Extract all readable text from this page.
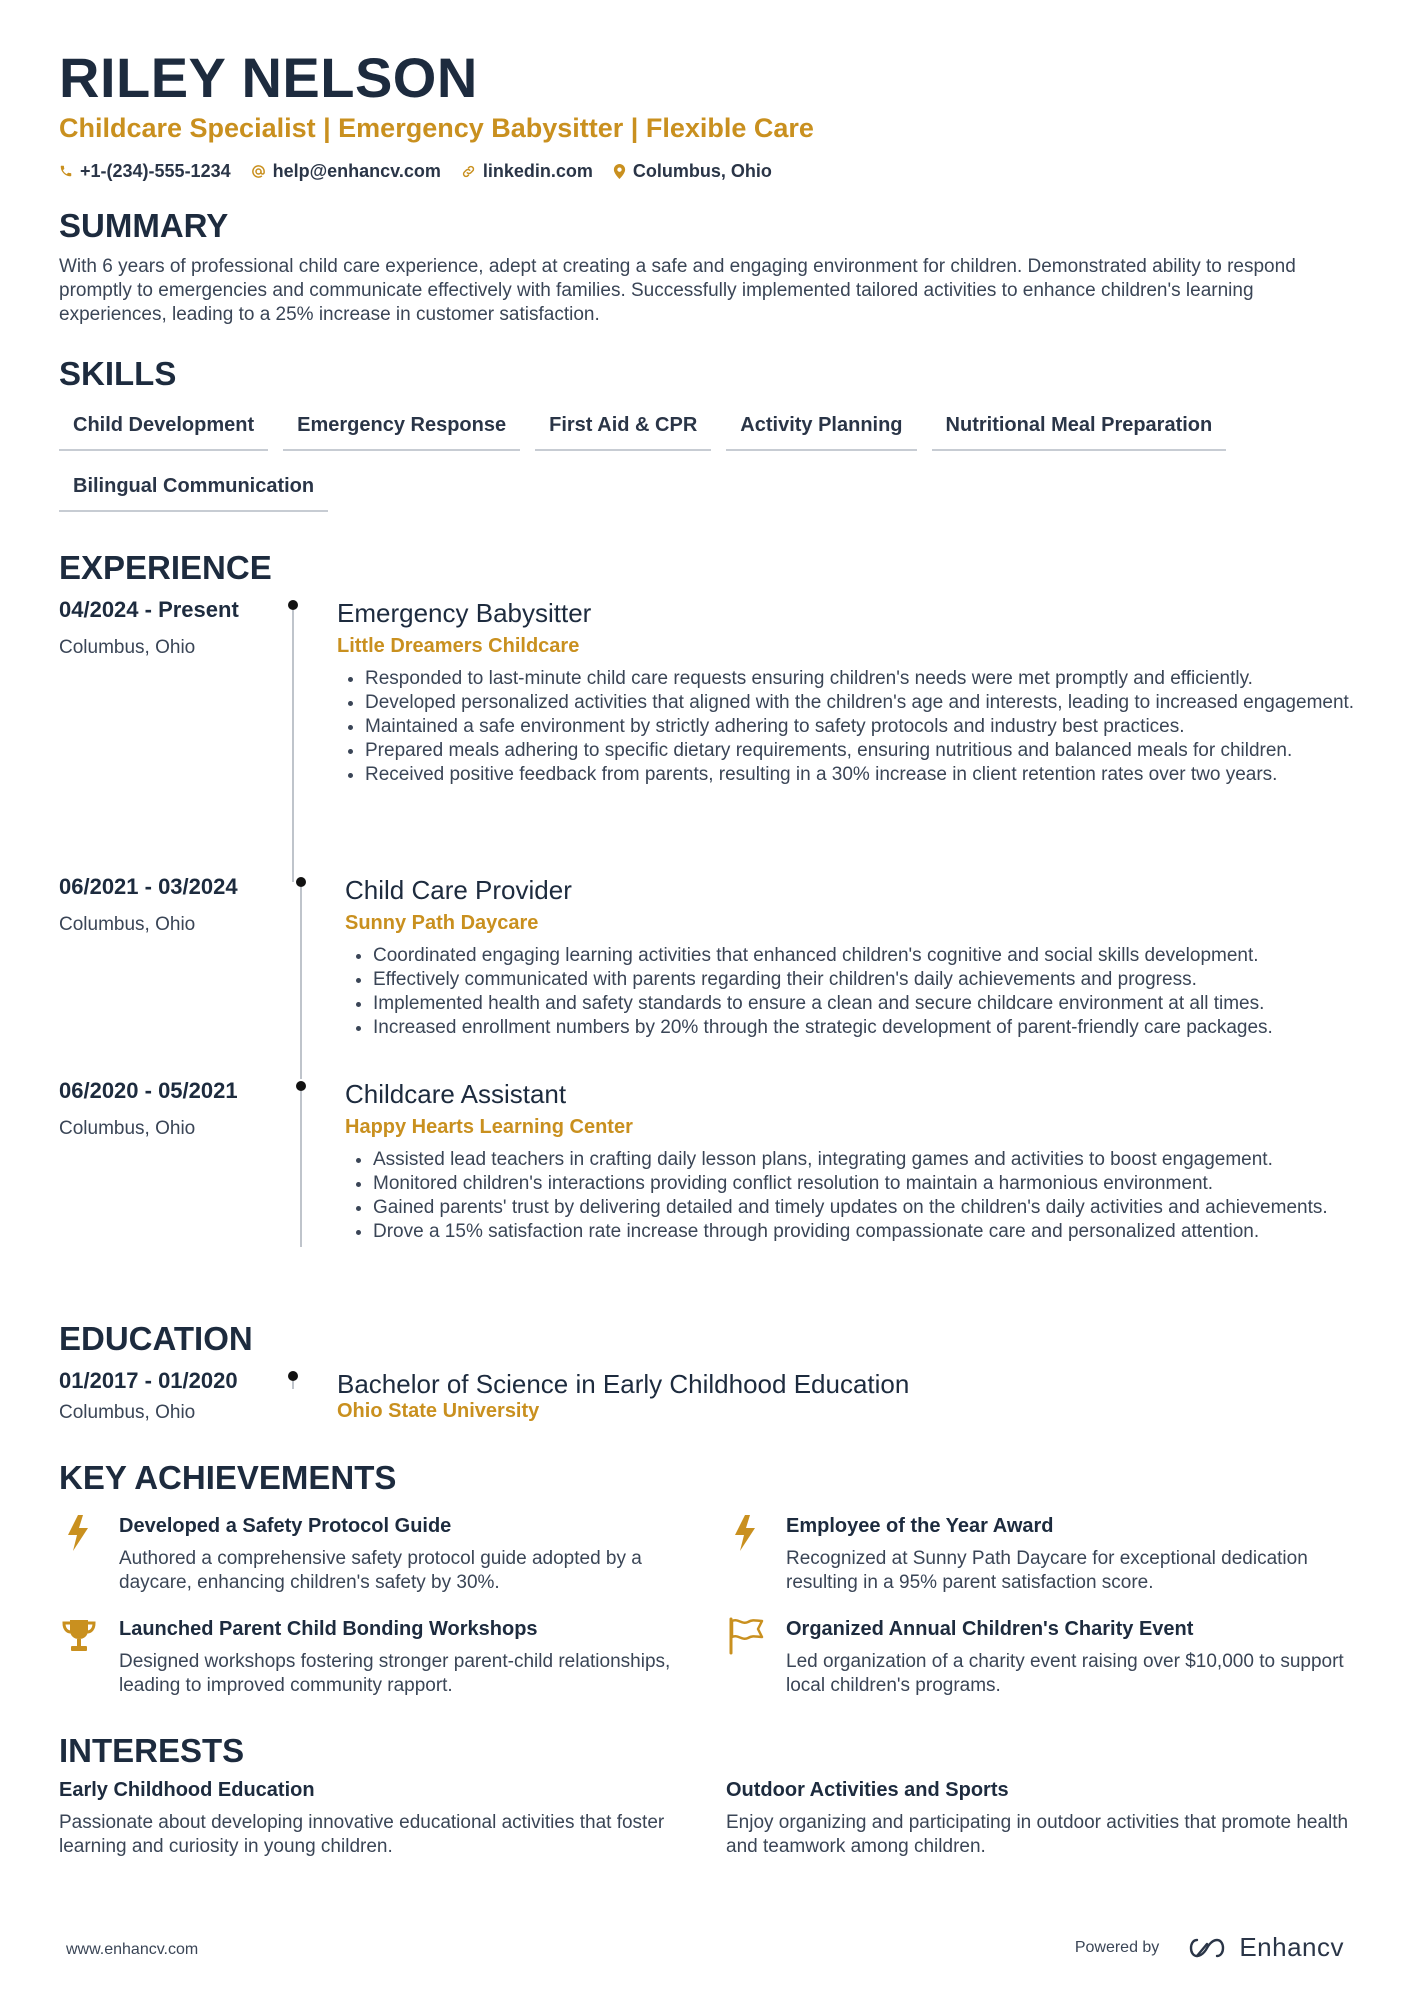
RILEY NELSON
Childcare Specialist | Emergency Babysitter | Flexible Care
+1-(234)-555-1234 help@enhancv.com linkedin.com Columbus, Ohio
SUMMARY
With 6 years of professional child care experience, adept at creating a safe and engaging environment for children. Demonstrated ability to respond promptly to emergencies and communicate effectively with families. Successfully implemented tailored activities to enhance children's learning experiences, leading to a 25% increase in customer satisfaction.
SKILLS
Child Development	Emergency Response	First Aid & CPR	Activity Planning	Nutritional Meal Preparation
Bilingual Communication
EXPERIENCE
04/2024 - Present
Columbus, Ohio
Emergency Babysitter
Little Dreamers Childcare
• Responded to last-minute child care requests ensuring children's needs were met promptly and efficiently.
• Developed personalized activities that aligned with the children's age and interests, leading to increased engagement.
• Maintained a safe environment by strictly adhering to safety protocols and industry best practices.
• Prepared meals adhering to specific dietary requirements, ensuring nutritious and balanced meals for children.
• Received positive feedback from parents, resulting in a 30% increase in client retention rates over two years.
06/2021 - 03/2024
Columbus, Ohio
Child Care Provider
Sunny Path Daycare
• Coordinated engaging learning activities that enhanced children's cognitive and social skills development.
• Effectively communicated with parents regarding their children's daily achievements and progress.
• Implemented health and safety standards to ensure a clean and secure childcare environment at all times.
• Increased enrollment numbers by 20% through the strategic development of parent-friendly care packages.
06/2020 - 05/2021
Columbus, Ohio
Childcare Assistant
Happy Hearts Learning Center
• Assisted lead teachers in crafting daily lesson plans, integrating games and activities to boost engagement.
• Monitored children's interactions providing conflict resolution to maintain a harmonious environment.
• Gained parents' trust by delivering detailed and timely updates on the children's daily activities and achievements.
• Drove a 15% satisfaction rate increase through providing compassionate care and personalized attention.
EDUCATION
01/2017 - 01/2020
Columbus, Ohio
Bachelor of Science in Early Childhood Education
Ohio State University
KEY ACHIEVEMENTS
Developed a Safety Protocol Guide
Authored a comprehensive safety protocol guide adopted by a daycare, enhancing children's safety by 30%.
Employee of the Year Award
Recognized at Sunny Path Daycare for exceptional dedication resulting in a 95% parent satisfaction score.
Launched Parent Child Bonding Workshops
Designed workshops fostering stronger parent-child relationships, leading to improved community rapport.
Organized Annual Children's Charity Event
Led organization of a charity event raising over $10,000 to support local children's programs.
INTERESTS
Early Childhood Education
Passionate about developing innovative educational activities that foster learning and curiosity in young children.
Outdoor Activities and Sports
Enjoy organizing and participating in outdoor activities that promote health and teamwork among children.
www.enhancv.com	Powered by	Enhancv
